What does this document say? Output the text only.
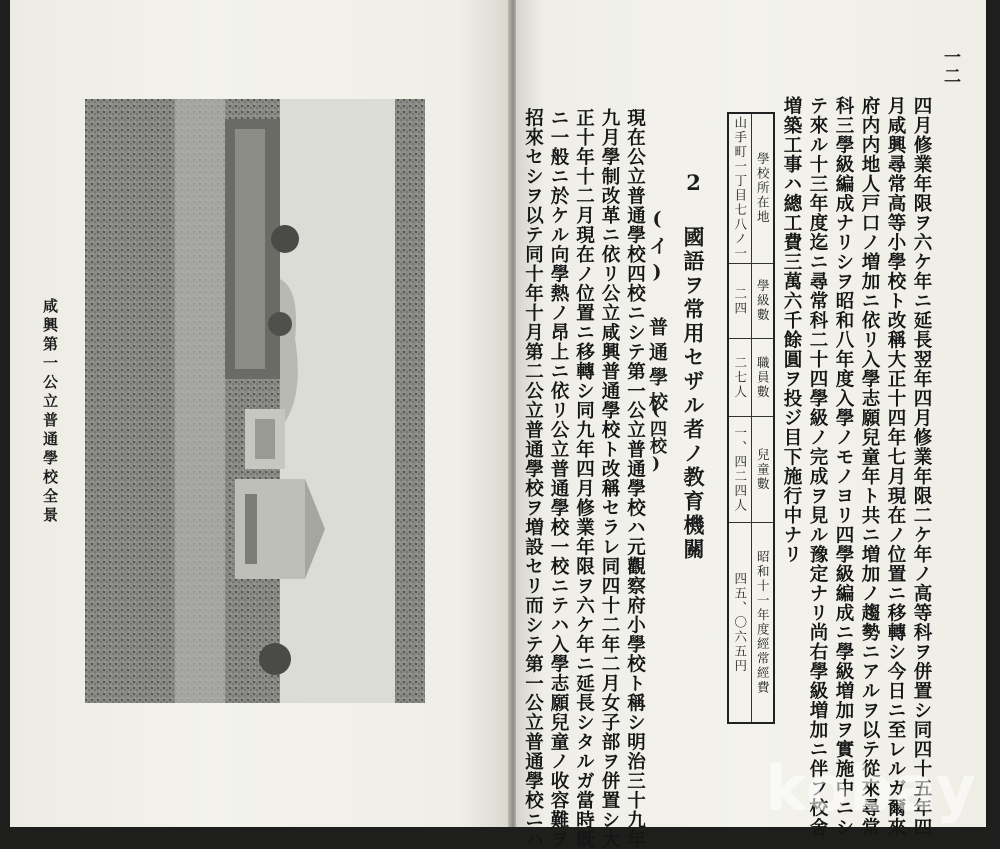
咸興第一公立普通學校全景
一二
四月修業年限ヲ六ケ年ニ延長翌年四月修業年限二ケ年ノ高等科ヲ併置シ同四十五年四
月咸興尋常高等小學校ト改稱大正十四年七月現在ノ位置ニ移轉シ今日ニ至レルガ爾來
府内内地人戸口ノ増加ニ依リ入學志願兒童年ト共ニ増加ノ趨勢ニアルヲ以テ從來尋常
科三學級編成ナリシヲ昭和八年度入學ノモノヨリ四學級編成ニ學級増加ヲ實施中ニシ
テ來ル十三年度迄ニ尋常科二十四學級ノ完成ヲ見ル豫定ナリ尚右學級増加ニ伴フ校舍
増築工事ハ總工費三萬六千餘圓ヲ投ジ目下施行中ナリ
學校所在地
學級數
職員數
兒童數
昭和十一年度經常經費
山手町一丁目七八ノ一
二四
二七人
一、四二四人
四五、〇六五円
2 國語ヲ常用セザル者ノ教育機關
(イ) 普通學校
(四校)
現在公立普通學校四校ニシテ第一公立普通學校ハ元觀察府小學校ト稱シ明治三十九年
九月學制改革ニ依リ公立咸興普通學校ト改稱セラレ同四十二年二月女子部ヲ併置シ大
正十年十二月現在ノ位置ニ移轉シ同九年四月修業年限ヲ六ケ年ニ延長シタルガ當時既
ニ一般ニ於ケル向學熱ノ昂上ニ依リ公立普通學校一校ニテハ入學志願兒童ノ收容難ヲ
招來セシヲ以テ同十年十月第二公立普通學校ヲ増設セリ而シテ第一公立普通學校ニハ	kobay
